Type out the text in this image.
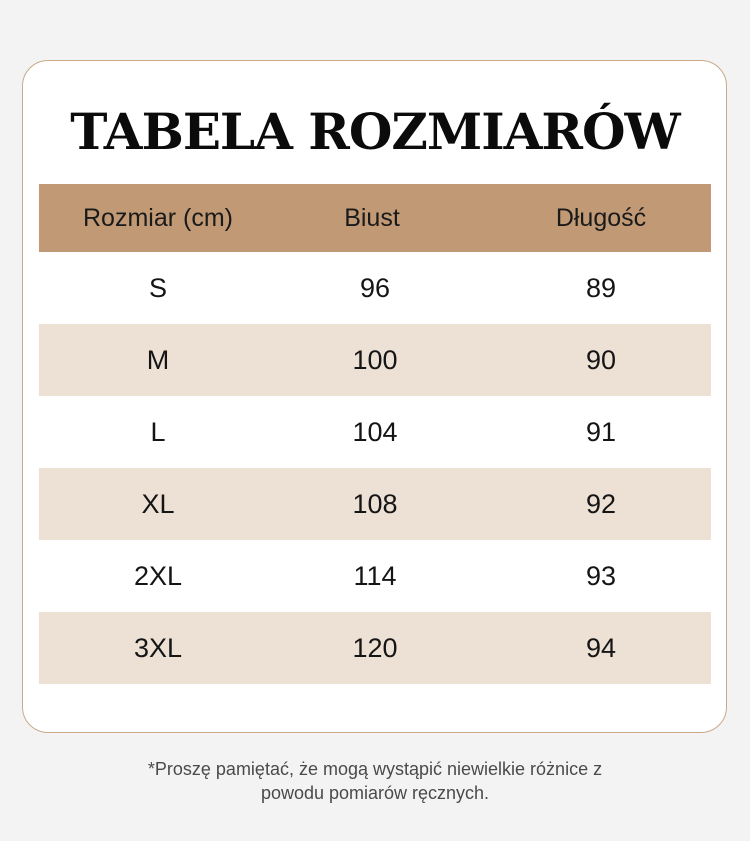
TABELA ROZMIARÓW
Rozmiar (cm)	Biust	Długość
S	96	89
M	100	90
L	104	91
XL	108	92
2XL	114	93
3XL	120	94
*Proszę pamiętać, że mogą wystąpić niewielkie różnice z
powodu pomiarów ręcznych.
